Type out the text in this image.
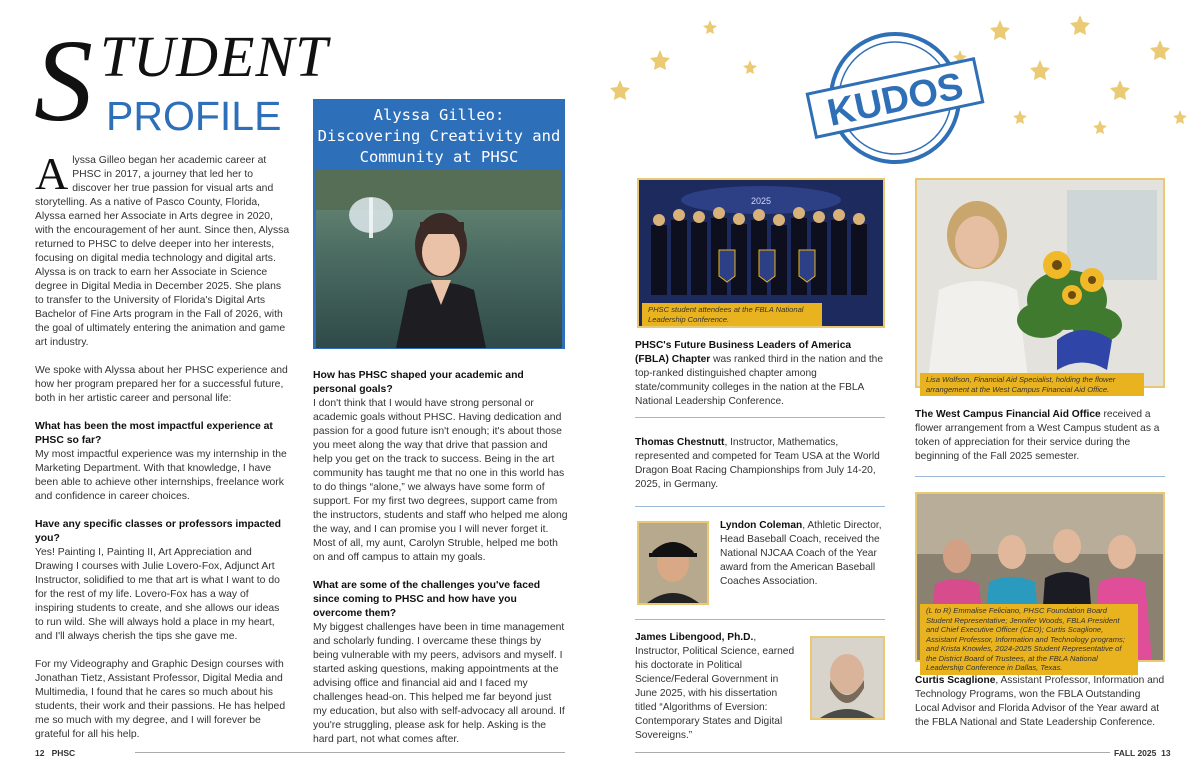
S TUDENT
PROFILE	Alyssa Gilleo:
Discovering Creativity and
Community at PHSC

Alyssa Gilleo began her academic career at PHSC in 2017, a journey that led her to discover her true passion for visual arts and storytelling. As a native of Pasco County, Florida, Alyssa earned her Associate in Arts degree in 2020, with the encouragement of her aunt. Since then, Alyssa returned to PHSC to delve deeper into her interests, focusing on digital media technology and digital arts. Alyssa is on track to earn her Associate in Science degree in Digital Media in December 2025. She plans to transfer to the University of Florida's Digital Arts Bachelor of Fine Arts program in the Fall of 2026, with the goal of ultimately entering the animation and game art industry.

We spoke with Alyssa about her PHSC experience and how her program prepared her for a successful future, both in her artistic career and personal life:

What has been the most impactful experience at PHSC so far?
My most impactful experience was my internship in the Marketing Department. With that knowledge, I have been able to achieve other internships, freelance work and confidence in career choices.

Have any specific classes or professors impacted you?
Yes! Painting I, Painting II, Art Appreciation and Drawing I courses with Julie Lovero-Fox, Adjunct Art Instructor, solidified to me that art is what I want to do for the rest of my life. Lovero-Fox has a way of inspiring students to create, and she allows our ideas to run wild. She will always hold a place in my heart, and I'll always cherish the tips she gave me.

For my Videography and Graphic Design courses with Jonathan Tietz, Assistant Professor, Digital Media and Multimedia, I found that he cares so much about his students, their work and their passions. He has helped me so much with my degree, and I will forever be grateful for all his help.

How has PHSC shaped your academic and personal goals?
I don't think that I would have strong personal or academic goals without PHSC. Having dedication and passion for a good future isn't enough; it's about those you meet along the way that drive that passion and help you get on the track to success. Being in the art community has taught me that no one in this world has to do things “alone,” we always have some form of support. For my first two degrees, support came from the instructors, students and staff who helped me along the way, and I can promise you I will never forget it. Most of all, my aunt, Carolyn Struble, helped me both on and off campus to attain my goals.

What are some of the challenges you've faced since coming to PHSC and how have you overcome them?
My biggest challenges have been in time management and scholarly funding. I overcame these things by being vulnerable with my peers, advisors and myself. I started asking questions, making appointments at the advising office and financial aid and I faced my challenges head-on. This helped me far beyond just my education, but also with self-advocacy all around. If you're struggling, please ask for help. Asking is the hard part, not what comes after.

12 PHSC
KUDOS
2025
PHSC student attendees at the FBLA National Leadership Conference.
PHSC's Future Business Leaders of America (FBLA) Chapter was ranked third in the nation and the top-ranked distinguished chapter among state/community colleges in the nation at the FBLA National Leadership Conference.
Thomas Chestnutt, Instructor, Mathematics, represented and competed for Team USA at the World Dragon Boat Racing Championships from July 14-20, 2025, in Germany.
Lyndon Coleman, Athletic Director, Head Baseball Coach, received the National NJCAA Coach of the Year award from the American Baseball Coaches Association.
James Libengood, Ph.D., Instructor, Political Science, earned his doctorate in Political Science/Federal Government in June 2025, with his dissertation titled “Algorithms of Eversion: Contemporary States and Digital Sovereigns.”
Lisa Wolfson, Financial Aid Specialist, holding the flower arrangement at the West Campus Financial Aid Office.
The West Campus Financial Aid Office received a flower arrangement from a West Campus student as a token of appreciation for their service during the beginning of the Fall 2025 semester.
(L to R) Emmalise Feliciano, PHSC Foundation Board Student Representative; Jennifer Woods, FBLA President and Chief Executive Officer (CEO); Curtis Scaglione, Assistant Professor, Information and Technology programs; and Krista Knowles, 2024-2025 Student Representative of the District Board of Trustees, at the FBLA National Leadership Conference in Dallas, Texas.
Curtis Scaglione, Assistant Professor, Information and Technology Programs, won the FBLA Outstanding Local Advisor and Florida Advisor of the Year award at the FBLA National and State Leadership Conference.
FALL 2025 13
